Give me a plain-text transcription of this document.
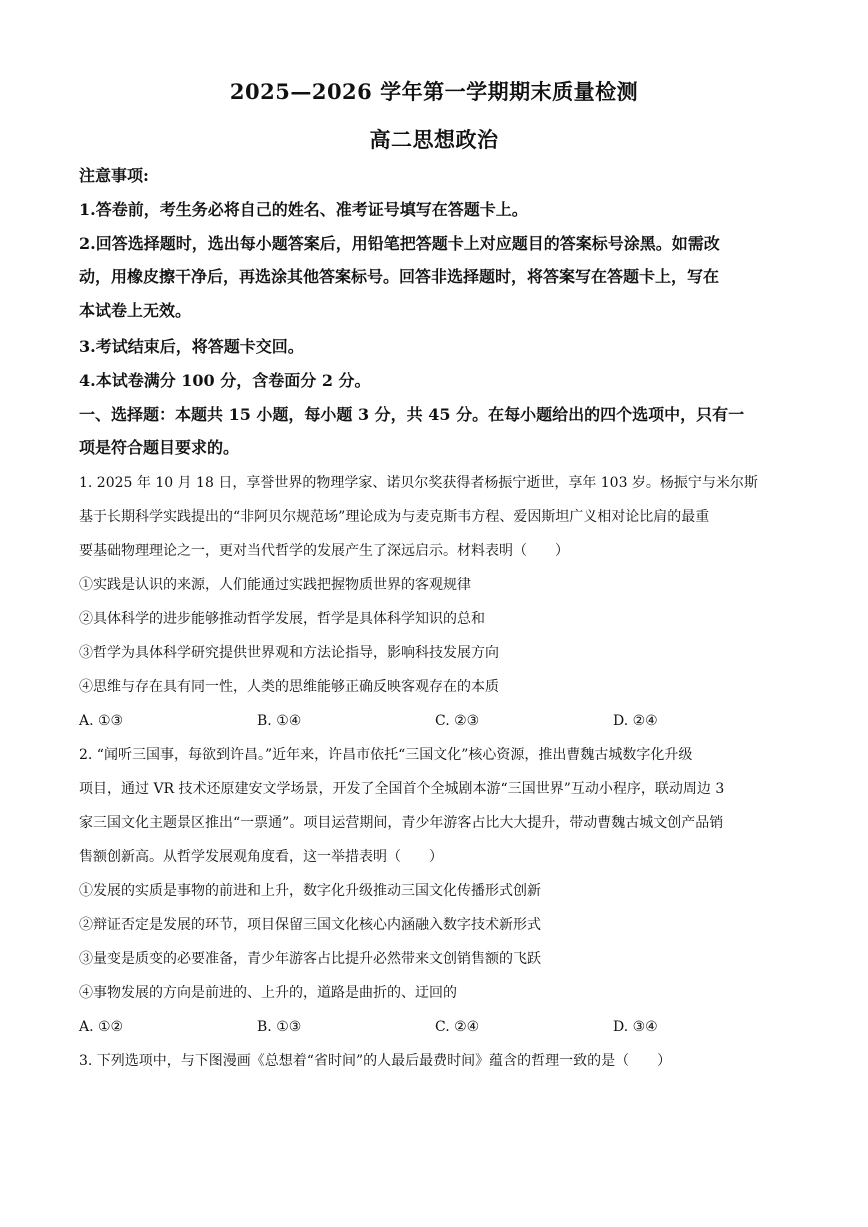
2025—2026 学年第一学期期末质量检测
高二思想政治
注意事项:
1.答卷前，考生务必将自己的姓名、准考证号填写在答题卡上。
2.回答选择题时，选出每小题答案后，用铅笔把答题卡上对应题目的答案标号涂黑。如需改
动，用橡皮擦干净后，再选涂其他答案标号。回答非选择题时，将答案写在答题卡上，写在
本试卷上无效。
3.考试结束后，将答题卡交回。
4.本试卷满分 100 分，含卷面分 2 分。
一、选择题：本题共 15 小题，每小题 3 分，共 45 分。在每小题给出的四个选项中，只有一
项是符合题目要求的。
1. 2025 年 10 月 18 日，享誉世界的物理学家、诺贝尔奖获得者杨振宁逝世，享年 103 岁。杨振宁与米尔斯
基于长期科学实践提出的“非阿贝尔规范场”理论成为与麦克斯韦方程、爱因斯坦广义相对论比肩的最重
要基础物理理论之一，更对当代哲学的发展产生了深远启示。材料表明（　　）
①实践是认识的来源，人们能通过实践把握物质世界的客观规律
②具体科学的进步能够推动哲学发展，哲学是具体科学知识的总和
③哲学为具体科学研究提供世界观和方法论指导，影响科技发展方向
④思维与存在具有同一性，人类的思维能够正确反映客观存在的本质
A. ①③	B. ①④	C. ②③	D. ②④
2. “闻听三国事，每欲到许昌。”近年来，许昌市依托“三国文化”核心资源，推出曹魏古城数字化升级
项目，通过 VR 技术还原建安文学场景，开发了全国首个全城剧本游“三国世界”互动小程序，联动周边 3
家三国文化主题景区推出“一票通”。项目运营期间，青少年游客占比大大提升，带动曹魏古城文创产品销
售额创新高。从哲学发展观角度看，这一举措表明（　　）
①发展的实质是事物的前进和上升，数字化升级推动三国文化传播形式创新
②辩证否定是发展的环节，项目保留三国文化核心内涵融入数字技术新形式
③量变是质变的必要准备，青少年游客占比提升必然带来文创销售额的飞跃
④事物发展的方向是前进的、上升的，道路是曲折的、迂回的
A. ①②	B. ①③	C. ②④	D. ③④
3. 下列选项中，与下图漫画《总想着“省时间”的人最后最费时间》蕴含的哲理一致的是（　　）
